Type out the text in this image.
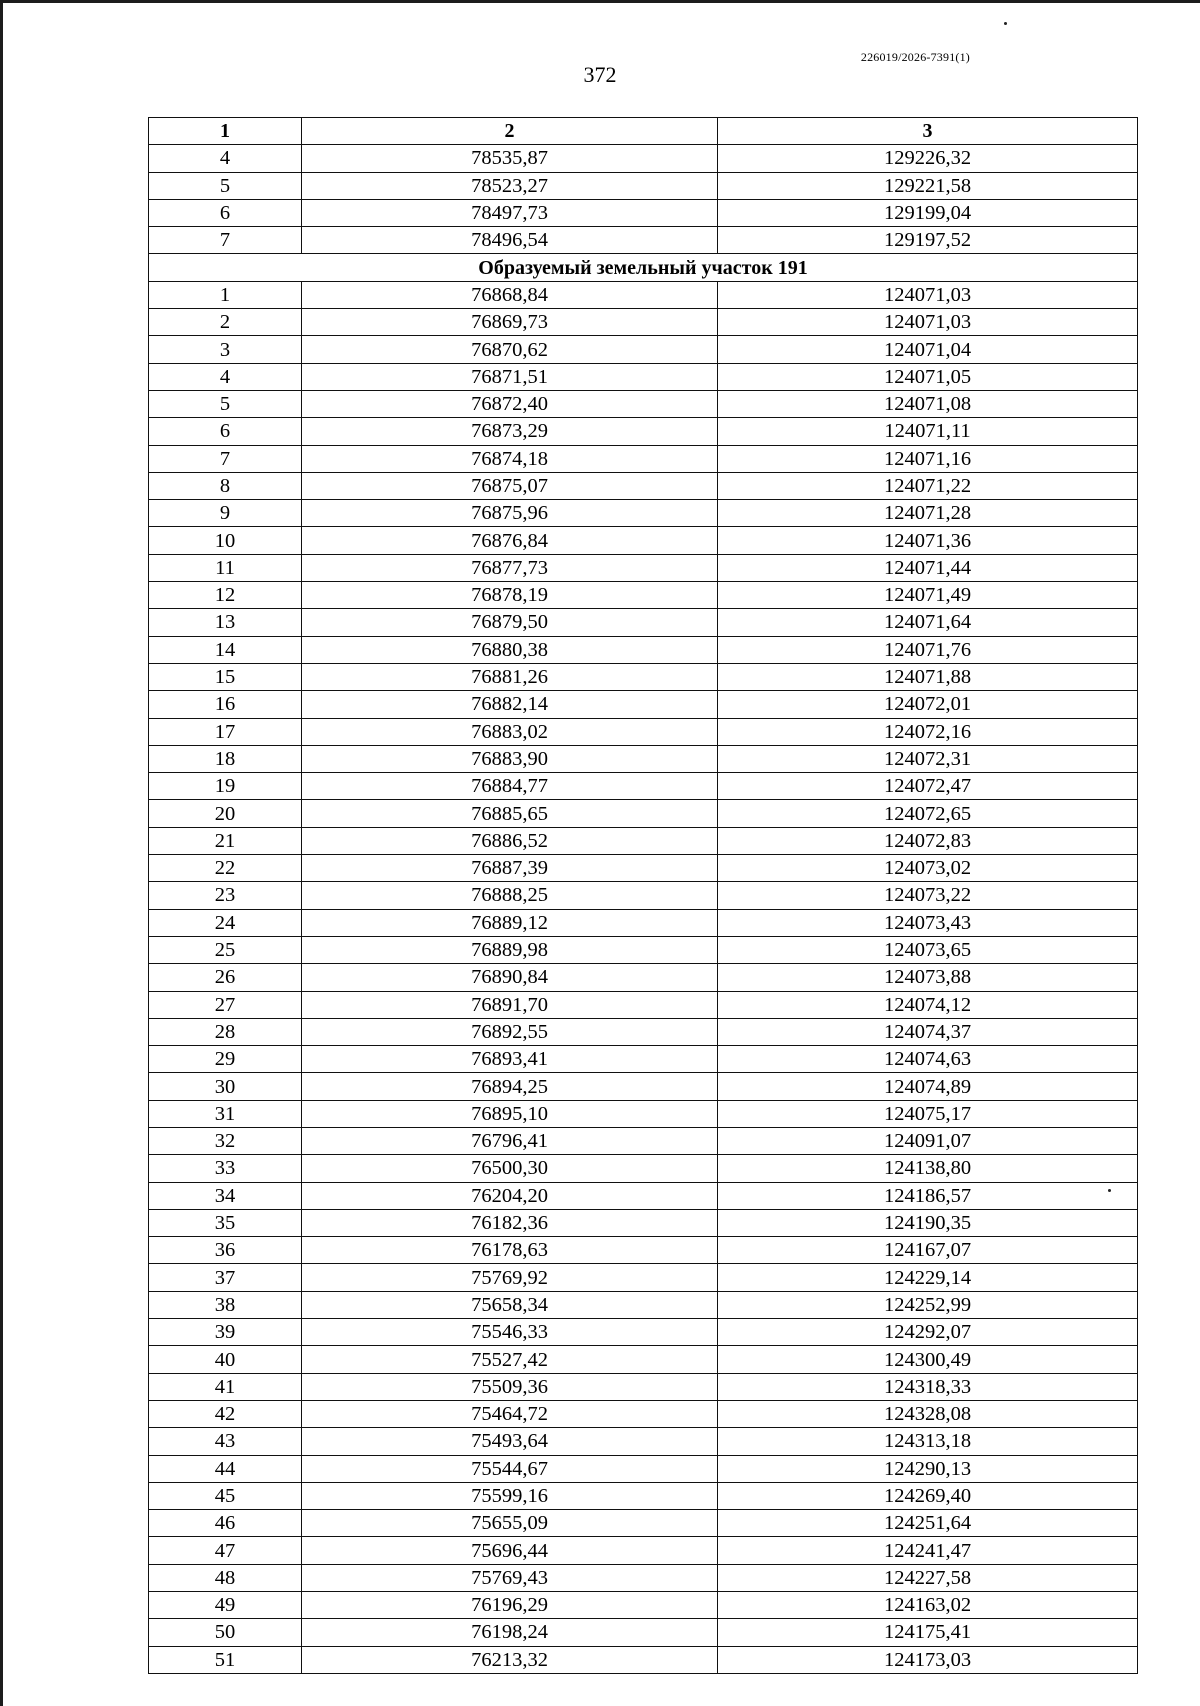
226019/2026-7391(1)
372
1	2	3
4	78535,87	129226,32
5	78523,27	129221,58
6	78497,73	129199,04
7	78496,54	129197,52
Образуемый земельный участок 191		
1	76868,84	124071,03
2	76869,73	124071,03
3	76870,62	124071,04
4	76871,51	124071,05
5	76872,40	124071,08
6	76873,29	124071,11
7	76874,18	124071,16
8	76875,07	124071,22
9	76875,96	124071,28
10	76876,84	124071,36
11	76877,73	124071,44
12	76878,19	124071,49
13	76879,50	124071,64
14	76880,38	124071,76
15	76881,26	124071,88
16	76882,14	124072,01
17	76883,02	124072,16
18	76883,90	124072,31
19	76884,77	124072,47
20	76885,65	124072,65
21	76886,52	124072,83
22	76887,39	124073,02
23	76888,25	124073,22
24	76889,12	124073,43
25	76889,98	124073,65
26	76890,84	124073,88
27	76891,70	124074,12
28	76892,55	124074,37
29	76893,41	124074,63
30	76894,25	124074,89
31	76895,10	124075,17
32	76796,41	124091,07
33	76500,30	124138,80
34	76204,20	124186,57
35	76182,36	124190,35
36	76178,63	124167,07
37	75769,92	124229,14
38	75658,34	124252,99
39	75546,33	124292,07
40	75527,42	124300,49
41	75509,36	124318,33
42	75464,72	124328,08
43	75493,64	124313,18
44	75544,67	124290,13
45	75599,16	124269,40
46	75655,09	124251,64
47	75696,44	124241,47
48	75769,43	124227,58
49	76196,29	124163,02
50	76198,24	124175,41
51	76213,32	124173,03
